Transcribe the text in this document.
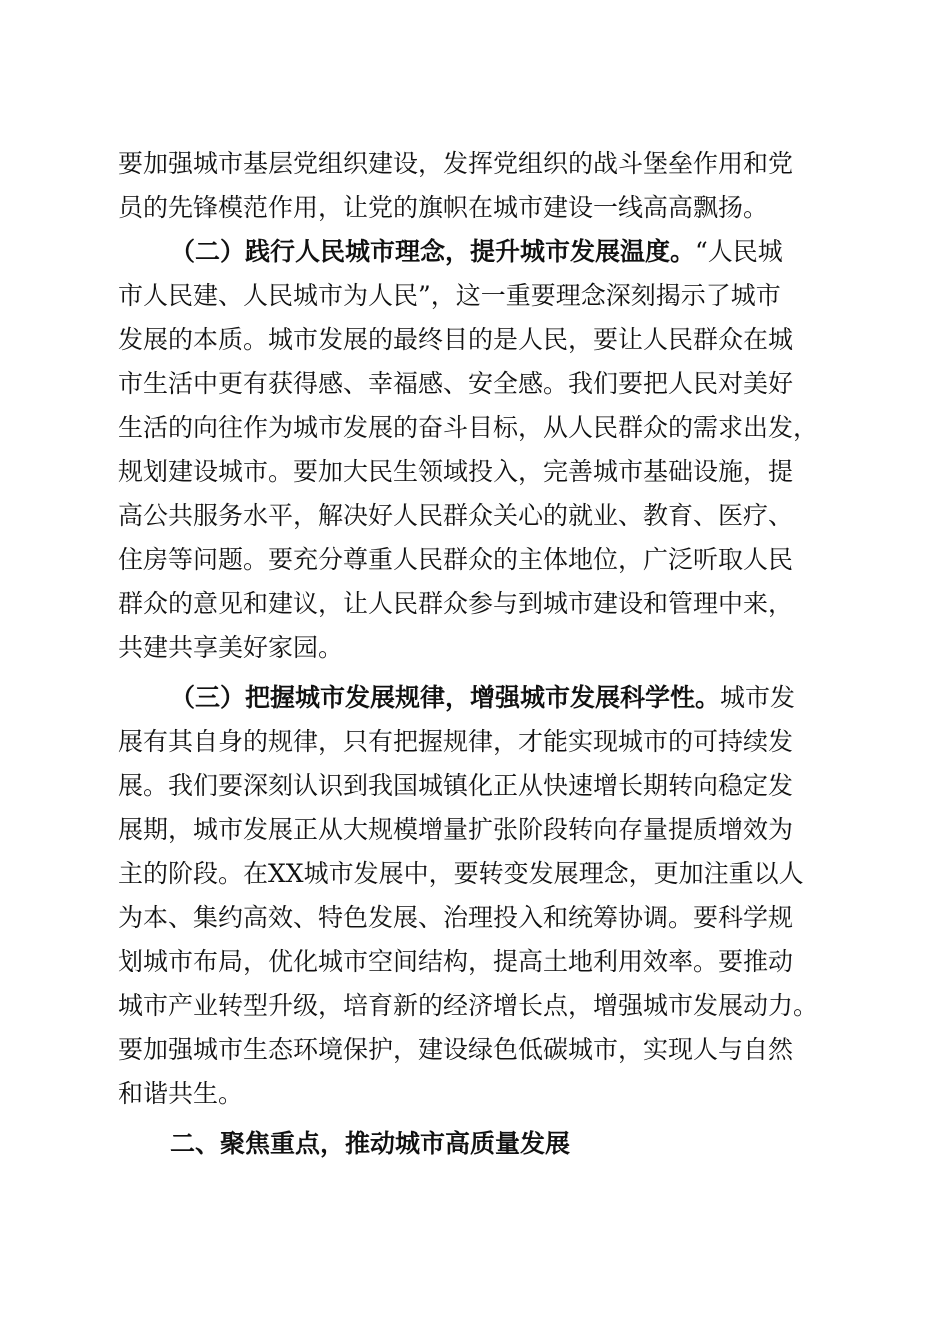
要加强城市基层党组织建设，发挥党组织的战斗堡垒作用和党
员的先锋模范作用，让党的旗帜在城市建设一线高高飘扬。
（二）践行人民城市理念，提升城市发展温度。“人民城
市人民建、人民城市为人民”，这一重要理念深刻揭示了城市
发展的本质。城市发展的最终目的是人民，要让人民群众在城
市生活中更有获得感、幸福感、安全感。我们要把人民对美好
生活的向往作为城市发展的奋斗目标，从人民群众的需求出发，
规划建设城市。要加大民生领域投入，完善城市基础设施，提
高公共服务水平，解决好人民群众关心的就业、教育、医疗、
住房等问题。要充分尊重人民群众的主体地位，广泛听取人民
群众的意见和建议，让人民群众参与到城市建设和管理中来，
共建共享美好家园。
（三）把握城市发展规律，增强城市发展科学性。城市发
展有其自身的规律，只有把握规律，才能实现城市的可持续发
展。我们要深刻认识到我国城镇化正从快速增长期转向稳定发
展期，城市发展正从大规模增量扩张阶段转向存量提质增效为
主的阶段。在XX城市发展中，要转变发展理念，更加注重以人
为本、集约高效、特色发展、治理投入和统筹协调。要科学规
划城市布局，优化城市空间结构，提高土地利用效率。要推动
城市产业转型升级，培育新的经济增长点，增强城市发展动力。
要加强城市生态环境保护，建设绿色低碳城市，实现人与自然
和谐共生。
二、聚焦重点，推动城市高质量发展
